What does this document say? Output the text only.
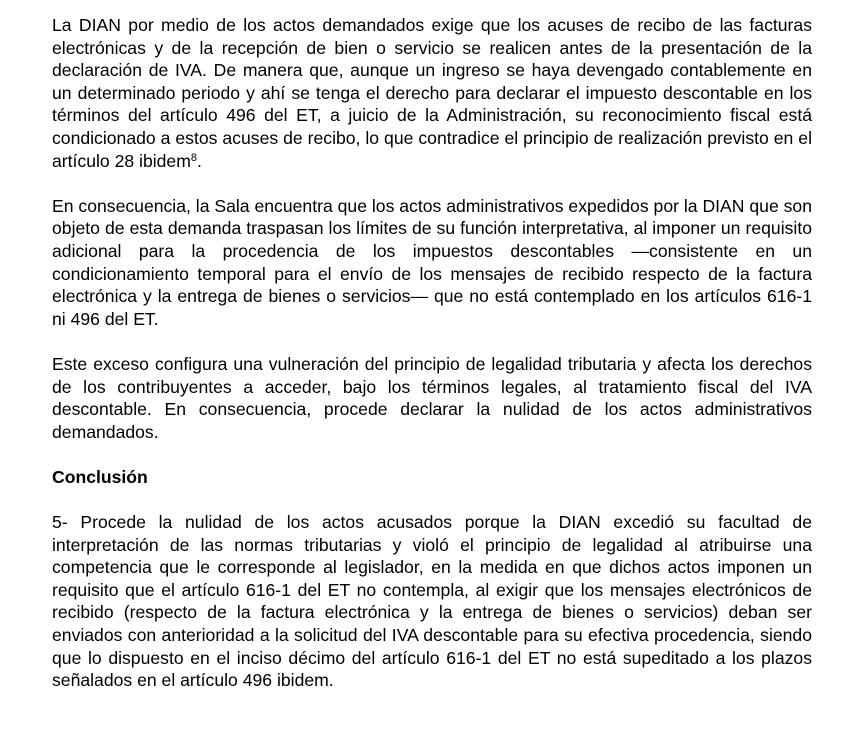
La DIAN por medio de los actos demandados exige que los acuses de recibo de las facturas electrónicas y de la recepción de bien o servicio se realicen antes de la presentación de la declaración de IVA. De manera que, aunque un ingreso se haya devengado contablemente en un determinado periodo y ahí se tenga el derecho para declarar el impuesto descontable en los términos del artículo 496 del ET, a juicio de la Administración, su reconocimiento fiscal está condicionado a estos acuses de recibo, lo que contradice el principio de realización previsto en el artículo 28 ibidem$^8$.

En consecuencia, la Sala encuentra que los actos administrativos expedidos por la DIAN que son objeto de esta demanda traspasan los límites de su función interpretativa, al imponer un requisito adicional para la procedencia de los impuestos descontables —consistente en un condicionamiento temporal para el envío de los mensajes de recibido respecto de la factura electrónica y la entrega de bienes o servicios— que no está contemplado en los artículos 616-1 ni 496 del ET.

Este exceso configura una vulneración del principio de legalidad tributaria y afecta los derechos de los contribuyentes a acceder, bajo los términos legales, al tratamiento fiscal del IVA descontable. En consecuencia, procede declarar la nulidad de los actos administrativos demandados.

Conclusión

5- Procede la nulidad de los actos acusados porque la DIAN excedió su facultad de interpretación de las normas tributarias y violó el principio de legalidad al atribuirse una competencia que le corresponde al legislador, en la medida en que dichos actos imponen un requisito que el artículo 616-1 del ET no contempla, al exigir que los mensajes electrónicos de recibido (respecto de la factura electrónica y la entrega de bienes o servicios) deban ser enviados con anterioridad a la solicitud del IVA descontable para su efectiva procedencia, siendo que lo dispuesto en el inciso décimo del artículo 616-1 del ET no está supeditado a los plazos señalados en el artículo 496 ibidem.
